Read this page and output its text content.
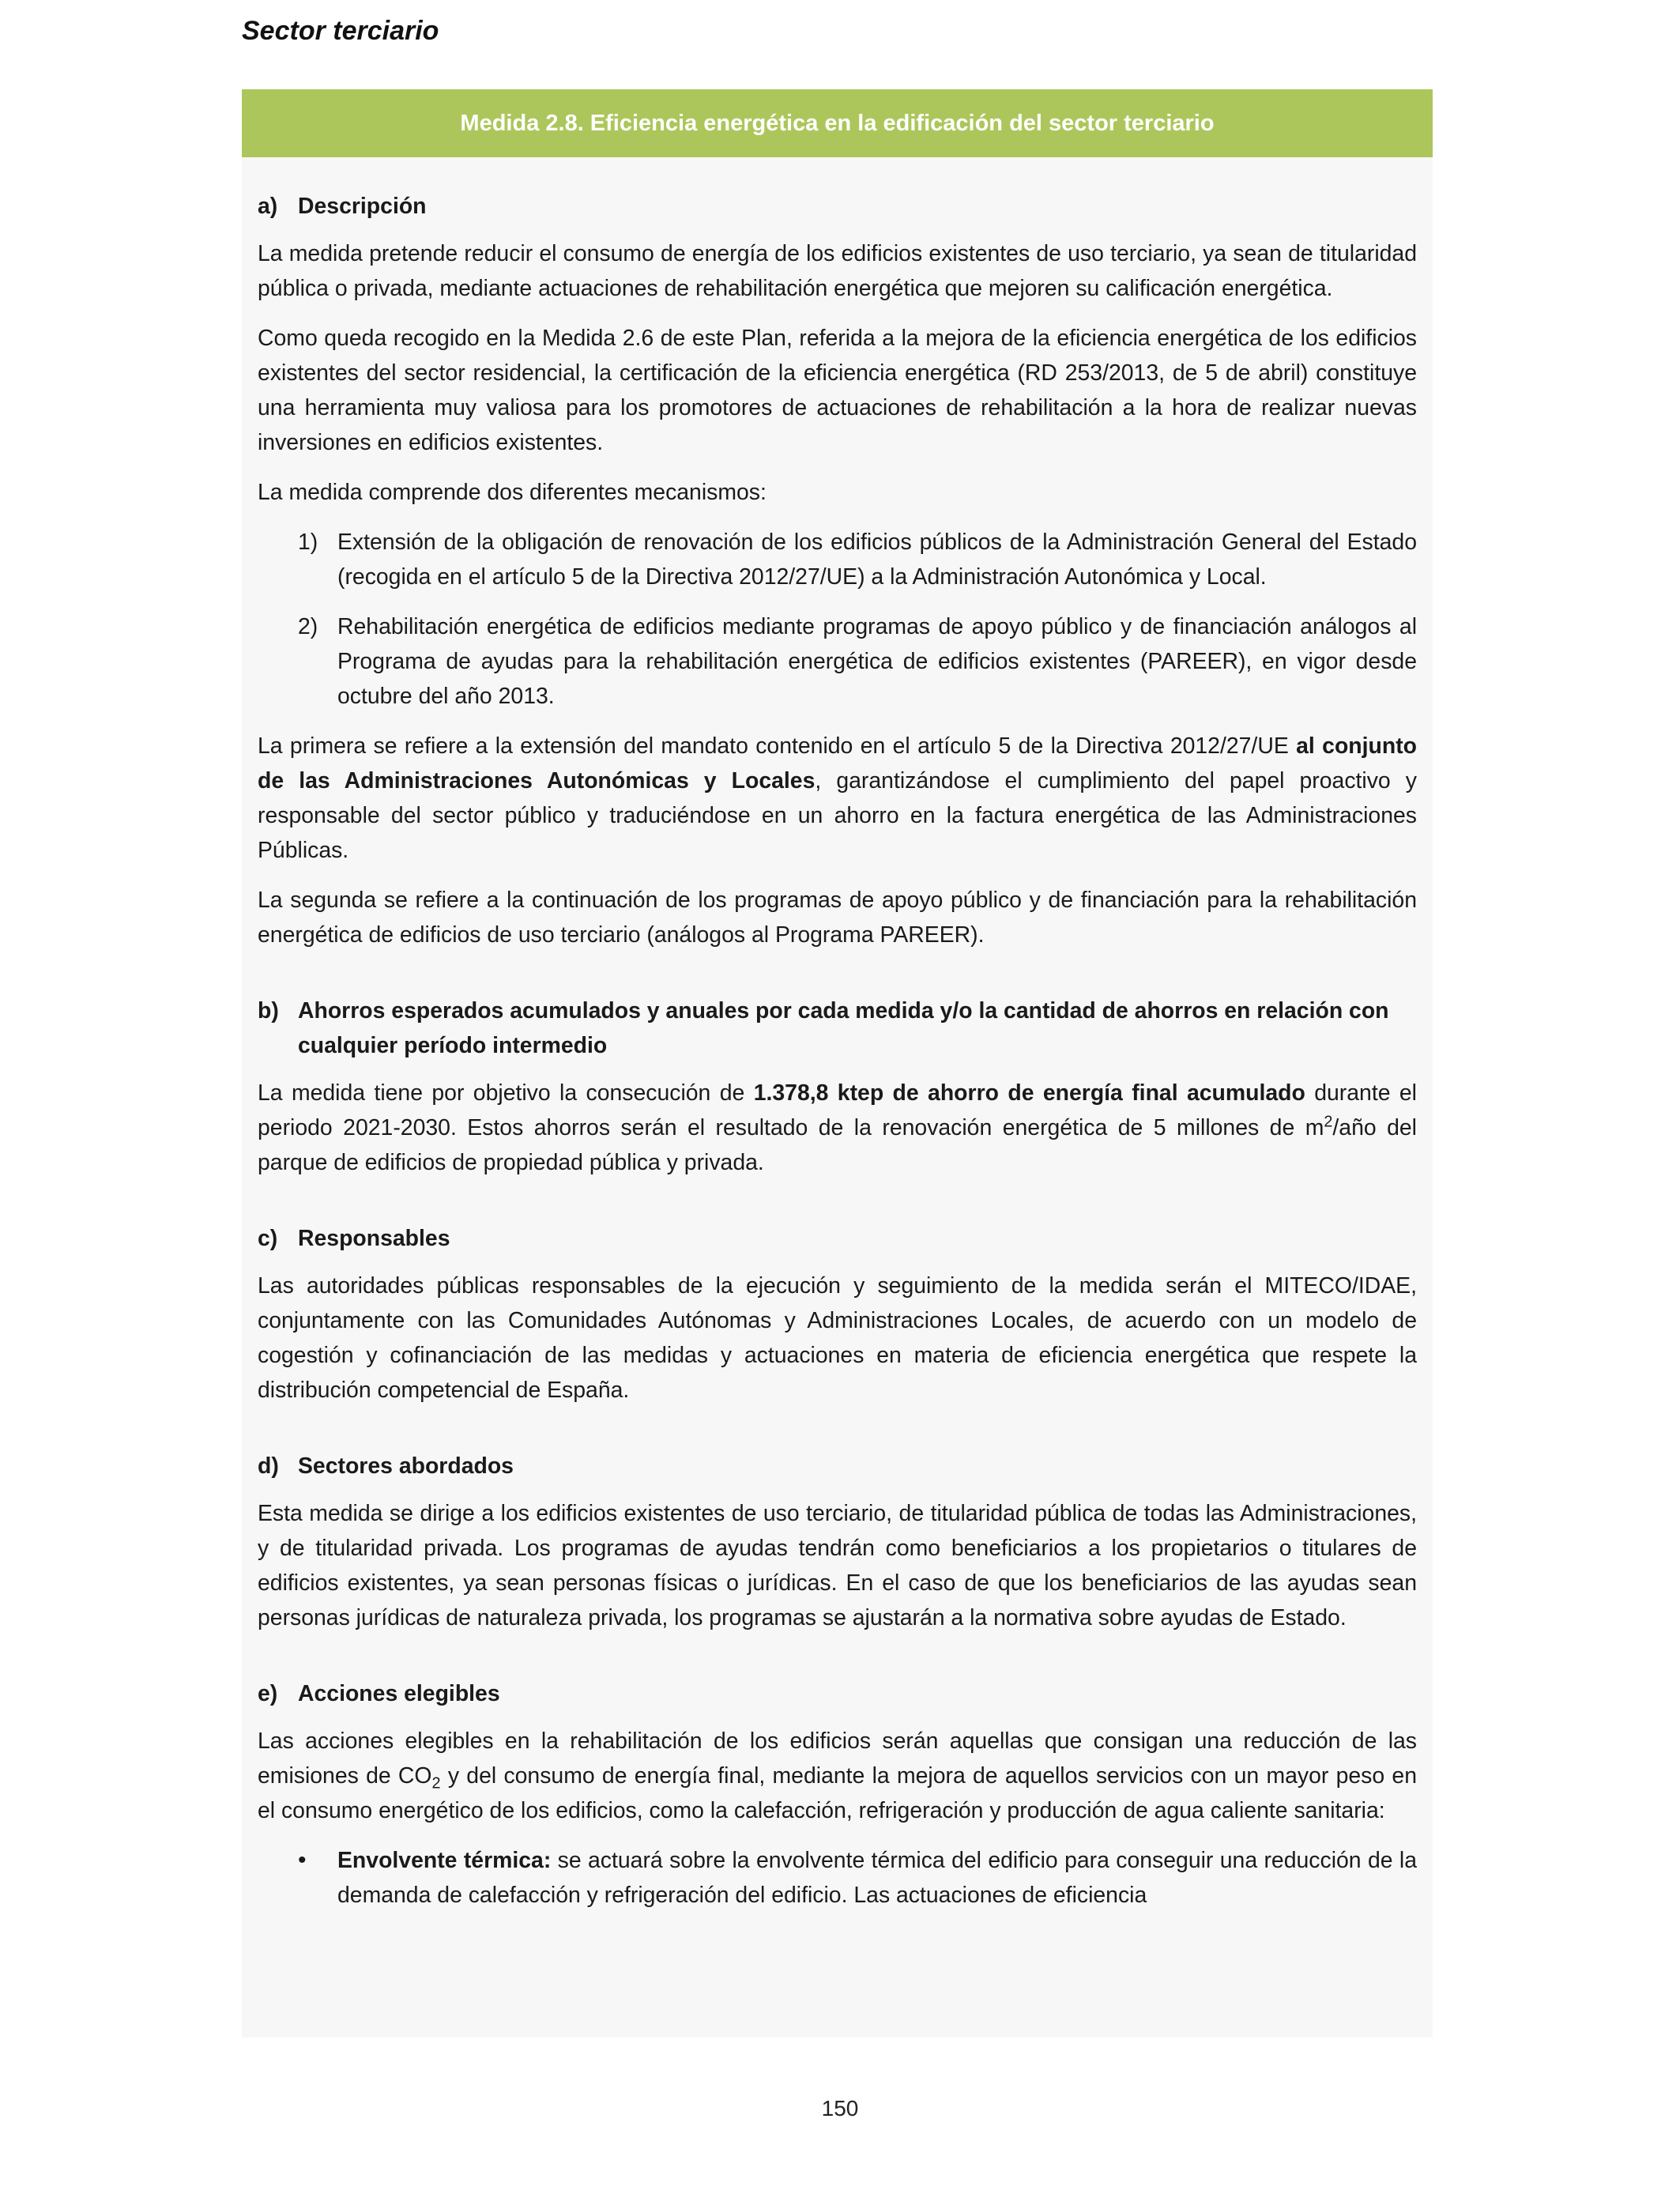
Sector terciario
Medida 2.8. Eficiencia energética en la edificación del sector terciario
a) Descripción

La medida pretende reducir el consumo de energía de los edificios existentes de uso terciario, ya sean de titularidad pública o privada, mediante actuaciones de rehabilitación energética que mejoren su calificación energética.

Como queda recogido en la Medida 2.6 de este Plan, referida a la mejora de la eficiencia energética de los edificios existentes del sector residencial, la certificación de la eficiencia energética (RD 253/2013, de 5 de abril) constituye una herramienta muy valiosa para los promotores de actuaciones de rehabilitación a la hora de realizar nuevas inversiones en edificios existentes.

La medida comprende dos diferentes mecanismos:

1) Extensión de la obligación de renovación de los edificios públicos de la Administración General del Estado (recogida en el artículo 5 de la Directiva 2012/27/UE) a la Administración Autonómica y Local.
2) Rehabilitación energética de edificios mediante programas de apoyo público y de financiación análogos al Programa de ayudas para la rehabilitación energética de edificios existentes (PAREER), en vigor desde octubre del año 2013.

La primera se refiere a la extensión del mandato contenido en el artículo 5 de la Directiva 2012/27/UE al conjunto de las Administraciones Autonómicas y Locales, garantizándose el cumplimiento del papel proactivo y responsable del sector público y traduciéndose en un ahorro en la factura energética de las Administraciones Públicas.

La segunda se refiere a la continuación de los programas de apoyo público y de financiación para la rehabilitación energética de edificios de uso terciario (análogos al Programa PAREER).

b) Ahorros esperados acumulados y anuales por cada medida y/o la cantidad de ahorros en relación con cualquier período intermedio

La medida tiene por objetivo la consecución de 1.378,8 ktep de ahorro de energía final acumulado durante el periodo 2021-2030. Estos ahorros serán el resultado de la renovación energética de 5 millones de $m^2$/año del parque de edificios de propiedad pública y privada.

c) Responsables

Las autoridades públicas responsables de la ejecución y seguimiento de la medida serán el MITECO/IDAE, conjuntamente con las Comunidades Autónomas y Administraciones Locales, de acuerdo con un modelo de cogestión y cofinanciación de las medidas y actuaciones en materia de eficiencia energética que respete la distribución competencial de España.

d) Sectores abordados

Esta medida se dirige a los edificios existentes de uso terciario, de titularidad pública de todas las Administraciones, y de titularidad privada. Los programas de ayudas tendrán como beneficiarios a los propietarios o titulares de edificios existentes, ya sean personas físicas o jurídicas. En el caso de que los beneficiarios de las ayudas sean personas jurídicas de naturaleza privada, los programas se ajustarán a la normativa sobre ayudas de Estado.

e) Acciones elegibles

Las acciones elegibles en la rehabilitación de los edificios serán aquellas que consigan una reducción de las emisiones de $CO_2$ y del consumo de energía final, mediante la mejora de aquellos servicios con un mayor peso en el consumo energético de los edificios, como la calefacción, refrigeración y producción de agua caliente sanitaria:

•	Envolvente térmica: se actuará sobre la envolvente térmica del edificio para conseguir una reducción de la demanda de calefacción y refrigeración del edificio. Las actuaciones de eficiencia
150
